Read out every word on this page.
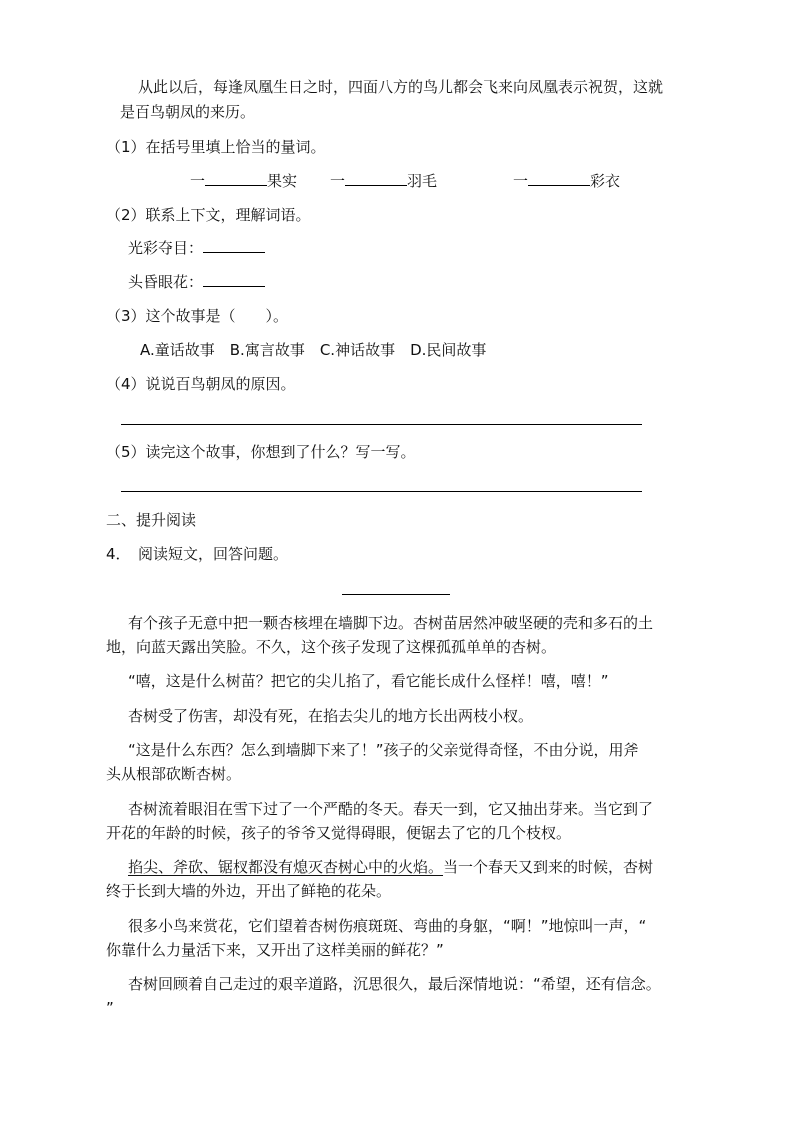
从此以后，每逢凤凰生日之时，四面八方的鸟儿都会飞来向凤凰表示祝贺，这就
是百鸟朝凤的来历。
（1）在括号里填上恰当的量词。
一	果实 一	羽毛	一	彩衣
（2）联系上下文，理解词语。
光彩夺目：
头昏眼花：
（3）这个故事是（　　）。
A.童话故事　B.寓言故事　C.神话故事　D.民间故事
（4）说说百鸟朝凤的原因。
（5）读完这个故事，你想到了什么？写一写。
二、提升阅读
4．　阅读短文，回答问题。
有个孩子无意中把一颗杏核埋在墙脚下边。杏树苗居然冲破坚硬的壳和多石的土
地，向蓝天露出笑脸。不久，这个孩子发现了这棵孤孤单单的杏树。
“嘻，这是什么树苗？把它的尖儿掐了，看它能长成什么怪样！嘻，嘻！”
杏树受了伤害，却没有死，在掐去尖儿的地方长出两枝小杈。
“这是什么东西？怎么到墙脚下来了！”孩子的父亲觉得奇怪，不由分说，用斧
头从根部砍断杏树。
杏树流着眼泪在雪下过了一个严酷的冬天。春天一到，它又抽出芽来。当它到了
开花的年龄的时候，孩子的爷爷又觉得碍眼，便锯去了它的几个枝杈。
掐尖、斧砍、锯杈都没有熄灭杏树心中的火焰。当一个春天又到来的时候，杏树
终于长到大墙的外边，开出了鲜艳的花朵。
很多小鸟来赏花，它们望着杏树伤痕斑斑、弯曲的身躯，“啊！”地惊叫一声，“
你靠什么力量活下来，又开出了这样美丽的鲜花？”
杏树回顾着自己走过的艰辛道路，沉思很久，最后深情地说：“希望，还有信念。
”
